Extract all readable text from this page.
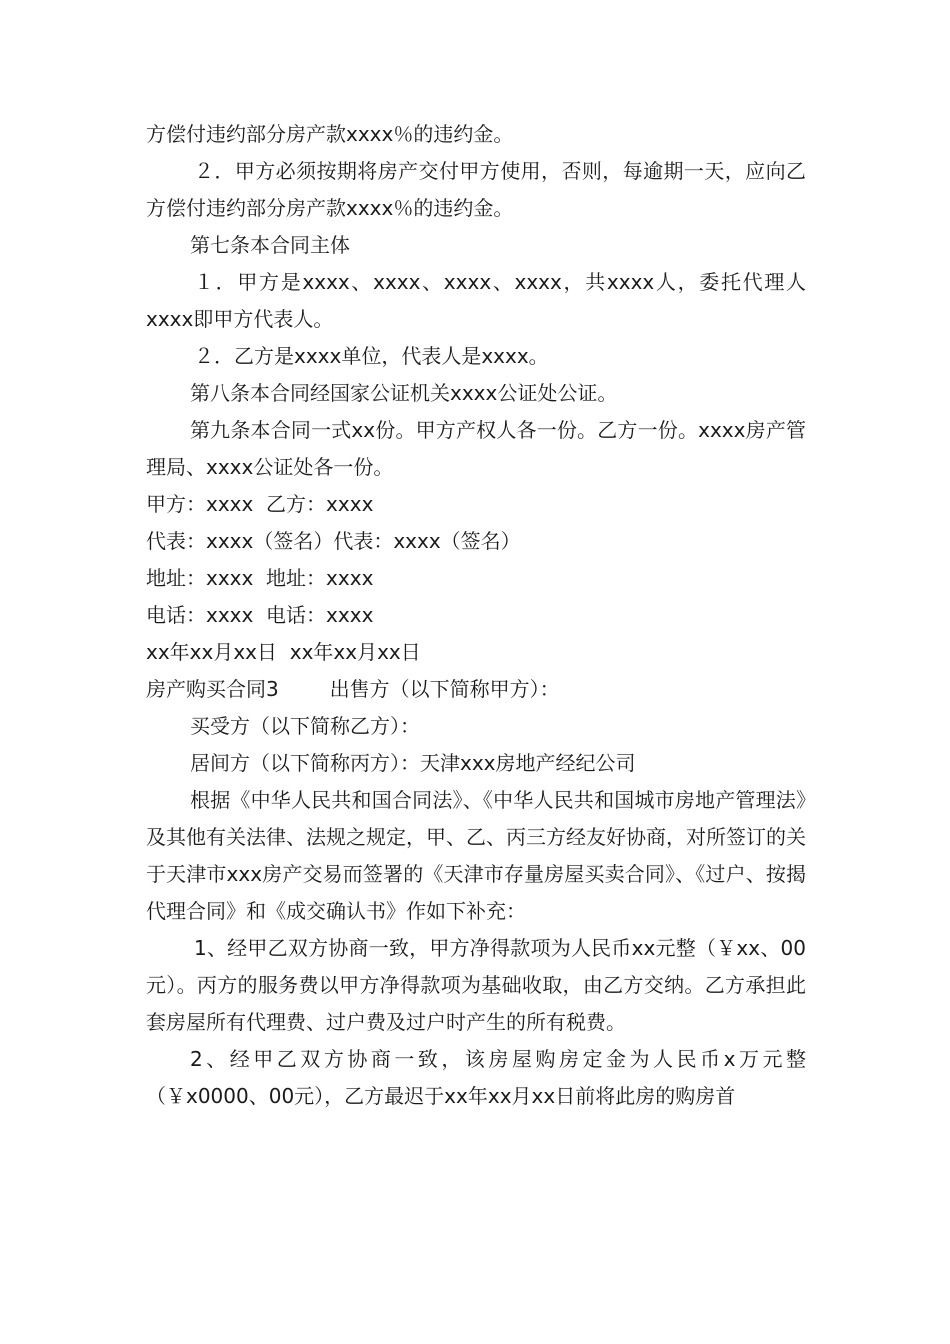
方偿付违约部分房产款xxxx％的违约金。

２．甲方必须按期将房产交付甲方使用，否则，每逾期一天，应向乙方偿付违约部分房产款xxxx％的违约金。

第七条本合同主体

１．甲方是xxxx、xxxx、xxxx、xxxx，共xxxx人，委托代理人xxxx即甲方代表人。

２．乙方是xxxx单位，代表人是xxxx。

第八条本合同经国家公证机关xxxx公证处公证。

第九条本合同一式xx份。甲方产权人各一份。乙方一份。xxxx房产管理局、xxxx公证处各一份。

甲方：xxxx  乙方：xxxx

代表：xxxx（签名）代表：xxxx（签名）

地址：xxxx  地址：xxxx

电话：xxxx  电话：xxxx

xx年xx月xx日  xx年xx月xx日

房产购买合同3        出售方（以下简称甲方）：

买受方（以下简称乙方）：

居间方（以下简称丙方）：天津xxx房地产经纪公司

根据《中华人民共和国合同法》、《中华人民共和国城市房地产管理法》及其他有关法律、法规之规定，甲、乙、丙三方经友好协商，对所签订的关于天津市xxx房产交易而签署的《天津市存量房屋买卖合同》、《过户、按揭代理合同》和《成交确认书》作如下补充：

1、经甲乙双方协商一致，甲方净得款项为人民币xx元整（￥xx、00元）。丙方的服务费以甲方净得款项为基础收取，由乙方交纳。乙方承担此套房屋所有代理费、过户费及过户时产生的所有税费。

2、经甲乙双方协商一致，该房屋购房定金为人民币x万元整（￥x0000、00元），乙方最迟于xx年xx月xx日前将此房的购房首
